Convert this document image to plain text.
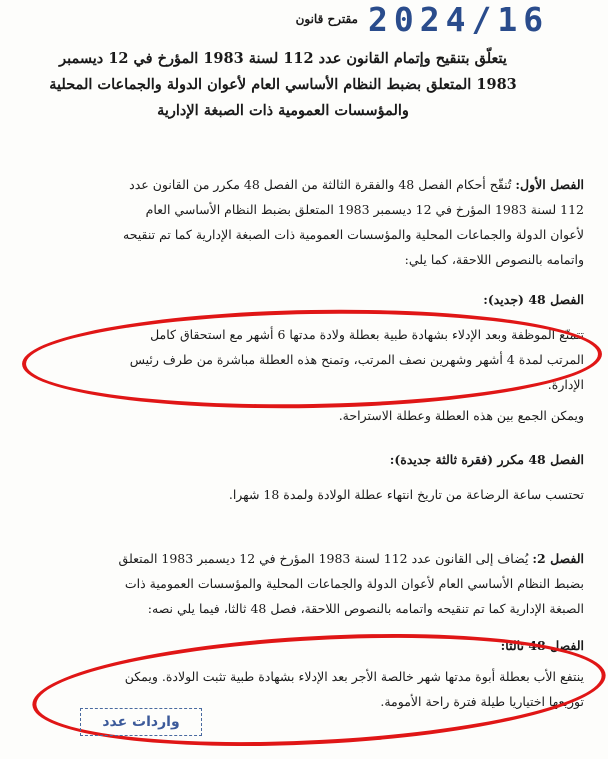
2024/16
مقترح قانون
يتعلّق بتنقيح وإتمام القانون عدد 112 لسنة 1983 المؤرخ في 12 ديسمبر
1983 المتعلق بضبط النظام الأساسي العام لأعوان الدولة والجماعات المحلية
والمؤسسات العمومية ذات الصبغة الإدارية
الفصل الأول: تُنقّح أحكام الفصل 48 والفقرة الثالثة من الفصل 48 مكرر من القانون عدد
112 لسنة 1983 المؤرخ في 12 ديسمبر 1983 المتعلق بضبط النظام الأساسي العام
لأعوان الدولة والجماعات المحلية والمؤسسات العمومية ذات الصبغة الإدارية كما تم تنقيحه
واتمامه بالنصوص اللاحقة، كما يلي:
الفصل 48 (جديد):
تتمتّع الموظفة وبعد الإدلاء بشهادة طبية بعطلة ولادة مدتها 6 أشهر مع استحقاق كامل
المرتب لمدة 4 أشهر وشهرين نصف المرتب، وتمنح هذه العطلة مباشرة من طرف رئيس
الإدارة.
ويمكن الجمع بين هذه العطلة وعطلة الاستراحة.
الفصل 48 مكرر (فقرة ثالثة جديدة):
تحتسب ساعة الرضاعة من تاريخ انتهاء عطلة الولادة ولمدة 18 شهرا.
الفصل 2: يُضاف إلى القانون عدد 112 لسنة 1983 المؤرخ في 12 ديسمبر 1983 المتعلق
بضبط النظام الأساسي العام لأعوان الدولة والجماعات المحلية والمؤسسات العمومية ذات
الصبغة الإدارية كما تم تنقيحه واتمامه بالنصوص اللاحقة، فصل 48 ثالثا، فيما يلي نصه:
الفصل 48 ثالثا:
ينتفع الأب بعطلة أبوة مدتها شهر خالصة الأجر بعد الإدلاء بشهادة طبية تثبت الولادة. ويمكن
توزيعها اختياريا طيلة فترة راحة الأمومة.
واردات عدد
